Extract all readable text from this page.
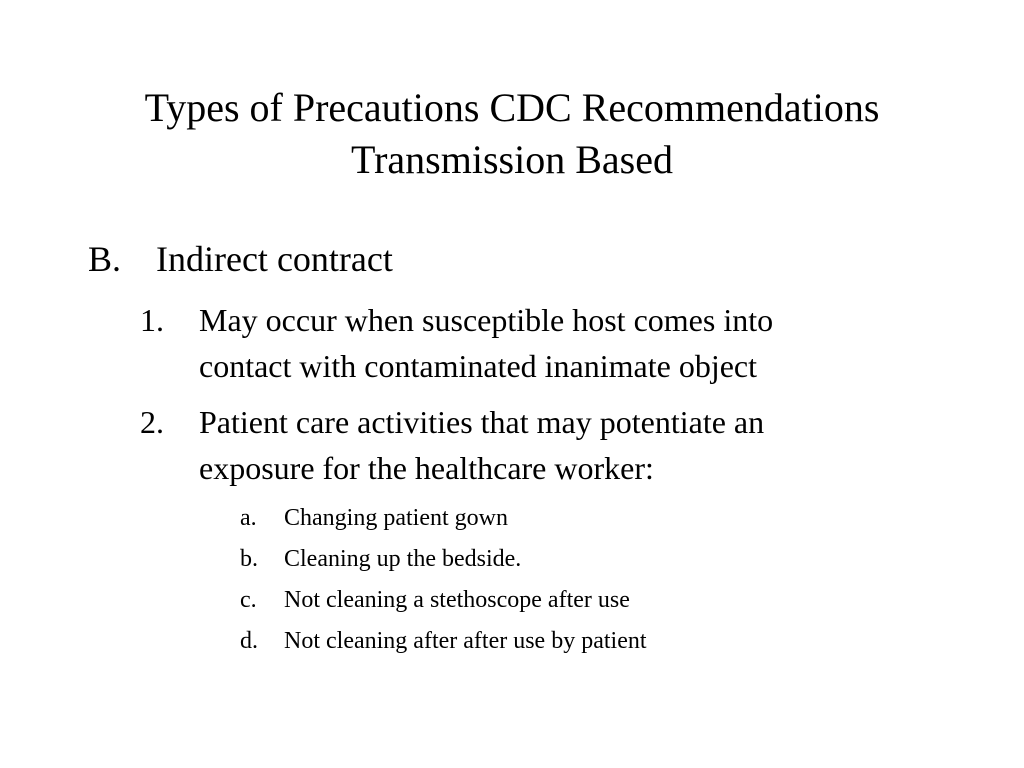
Types of Precautions CDC Recommendations
Transmission Based
B. Indirect contract
1. May occur when susceptible host comes into
contact with contaminated inanimate object
2. Patient care activities that may potentiate an
exposure for the healthcare worker:
a. Changing patient gown
b. Cleaning up the bedside.
c. Not cleaning a stethoscope after use
d. Not cleaning after after use by patient
